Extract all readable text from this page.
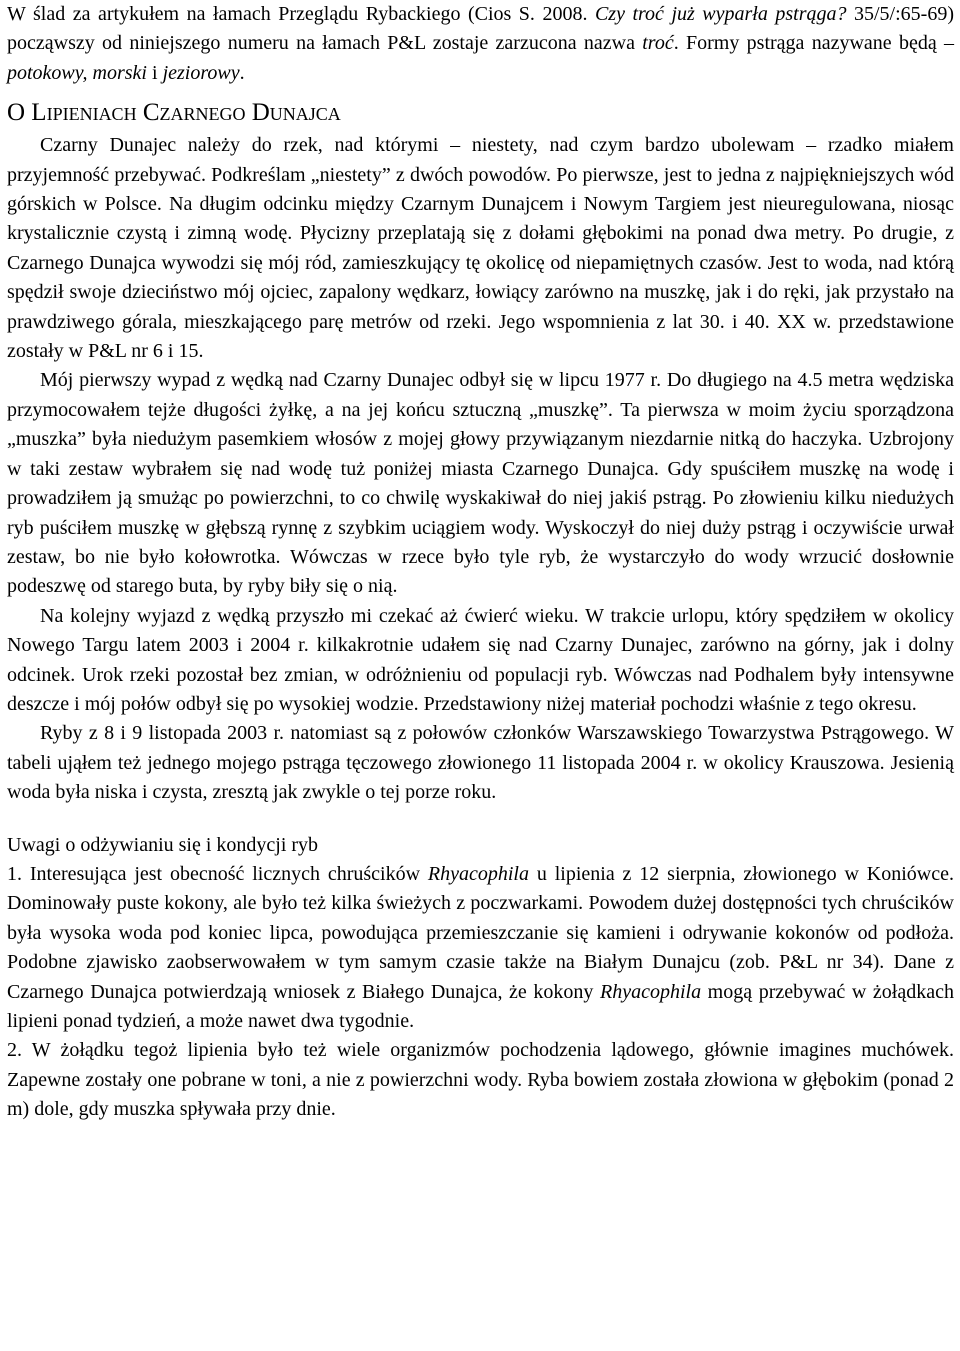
W ślad za artykułem na łamach Przeglądu Rybackiego (Cios S. 2008. Czy troć już wyparła pstrąga? 35/5/:65-69) począwszy od niniejszego numeru na łamach P&L zostaje zarzucona nazwa troć. Formy pstrąga nazywane będą – potokowy, morski i jeziorowy.

O Lipieniach Czarnego Dunajca

Czarny Dunajec należy do rzek, nad którymi – niestety, nad czym bardzo ubolewam – rzadko miałem przyjemność przebywać. Podkreślam „niestety” z dwóch powodów. Po pierwsze, jest to jedna z najpiękniejszych wód górskich w Polsce. Na długim odcinku między Czarnym Dunajcem i Nowym Targiem jest nieuregulowana, niosąc krystalicznie czystą i zimną wodę. Płycizny przeplatają się z dołami głębokimi na ponad dwa metry. Po drugie, z Czarnego Dunajca wywodzi się mój ród, zamieszkujący tę okolicę od niepamiętnych czasów. Jest to woda, nad którą spędził swoje dzieciństwo mój ojciec, zapalony wędkarz, łowiący zarówno na muszkę, jak i do ręki, jak przystało na prawdziwego górala, mieszkającego parę metrów od rzeki. Jego wspomnienia z lat 30. i 40. XX w. przedstawione zostały w P&L nr 6 i 15.

Mój pierwszy wypad z wędką nad Czarny Dunajec odbył się w lipcu 1977 r. Do długiego na 4.5 metra wędziska przymocowałem tejże długości żyłkę, a na jej końcu sztuczną „muszkę”. Ta pierwsza w moim życiu sporządzona „muszka” była niedużym pasemkiem włosów z mojej głowy przywiązanym niezdarnie nitką do haczyka. Uzbrojony w taki zestaw wybrałem się nad wodę tuż poniżej miasta Czarnego Dunajca. Gdy spuściłem muszkę na wodę i prowadziłem ją smużąc po powierzchni, to co chwilę wyskakiwał do niej jakiś pstrąg. Po złowieniu kilku niedużych ryb puściłem muszkę w głębszą rynnę z szybkim uciągiem wody. Wyskoczył do niej duży pstrąg i oczywiście urwał zestaw, bo nie było kołowrotka. Wówczas w rzece było tyle ryb, że wystarczyło do wody wrzucić dosłownie podeszwę od starego buta, by ryby biły się o nią.

Na kolejny wyjazd z wędką przyszło mi czekać aż ćwierć wieku. W trakcie urlopu, który spędziłem w okolicy Nowego Targu latem 2003 i 2004 r. kilkakrotnie udałem się nad Czarny Dunajec, zarówno na górny, jak i dolny odcinek. Urok rzeki pozostał bez zmian, w odróżnieniu od populacji ryb. Wówczas nad Podhalem były intensywne deszcze i mój połów odbył się po wysokiej wodzie. Przedstawiony niżej materiał pochodzi właśnie z tego okresu.

Ryby z 8 i 9 listopada 2003 r. natomiast są z połowów członków Warszawskiego Towarzystwa Pstrągowego. W tabeli ująłem też jednego mojego pstrąga tęczowego złowionego 11 listopada 2004 r. w okolicy Krauszowa. Jesienią woda była niska i czysta, zresztą jak zwykle o tej porze roku.

Uwagi o odżywianiu się i kondycji ryb

1. Interesująca jest obecność licznych chruścików Rhyacophila u lipienia z 12 sierpnia, złowionego w Koniówce. Dominowały puste kokony, ale było też kilka świeżych z poczwarkami. Powodem dużej dostępności tych chruścików była wysoka woda pod koniec lipca, powodująca przemieszczanie się kamieni i odrywanie kokonów od podłoża. Podobne zjawisko zaobserwowałem w tym samym czasie także na Białym Dunajcu (zob. P&L nr 34). Dane z Czarnego Dunajca potwierdzają wniosek z Białego Dunajca, że kokony Rhyacophila mogą przebywać w żołądkach lipieni ponad tydzień, a może nawet dwa tygodnie.

2. W żołądku tegoż lipienia było też wiele organizmów pochodzenia lądowego, głównie imagines muchówek. Zapewne zostały one pobrane w toni, a nie z powierzchni wody. Ryba bowiem została złowiona w głębokim (ponad 2 m) dole, gdy muszka spływała przy dnie.
